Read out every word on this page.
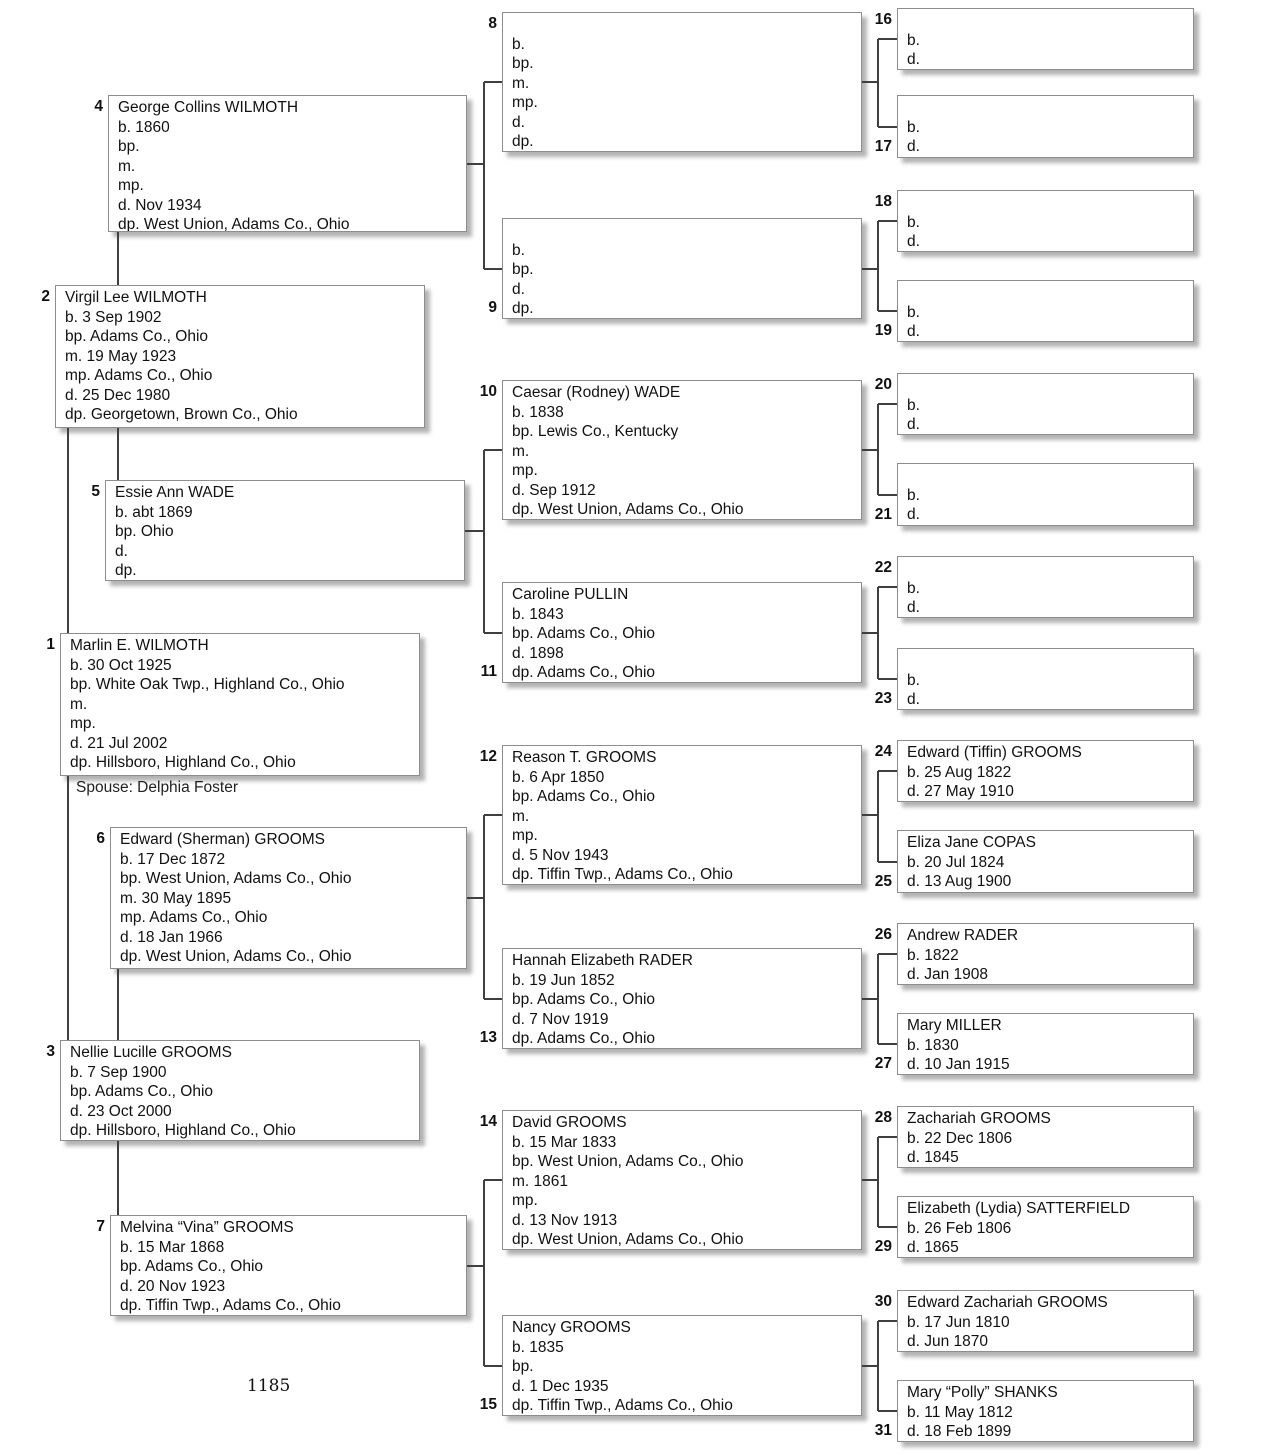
Spouse: Delphia Foster
1185
1 Marlin E. WILMOTH
b. 30 Oct 1925
bp. White Oak Twp., Highland Co., Ohio
m.
mp.
d. 21 Jul 2002
dp. Hillsboro, Highland Co., Ohio
2 Virgil Lee WILMOTH
b. 3 Sep 1902
bp. Adams Co., Ohio
m. 19 May 1923
mp. Adams Co., Ohio
d. 25 Dec 1980
dp. Georgetown, Brown Co., Ohio
3 Nellie Lucille GROOMS
b. 7 Sep 1900
bp. Adams Co., Ohio
d. 23 Oct 2000
dp. Hillsboro, Highland Co., Ohio
4 George Collins WILMOTH
b. 1860
bp.
m.
mp.
d. Nov 1934
dp. West Union, Adams Co., Ohio
5 Essie Ann WADE
b. abt 1869
bp. Ohio
d.
dp.
6 Edward (Sherman) GROOMS
b. 17 Dec 1872
bp. West Union, Adams Co., Ohio
m. 30 May 1895
mp. Adams Co., Ohio
d. 18 Jan 1966
dp. West Union, Adams Co., Ohio
7 Melvina “Vina” GROOMS
b. 15 Mar 1868
bp. Adams Co., Ohio
d. 20 Nov 1923
dp. Tiffin Twp., Adams Co., Ohio
8
b.
bp.
m.
mp.
d.
dp.
9
b.
bp.
d.
dp.
10 Caesar (Rodney) WADE
b. 1838
bp. Lewis Co., Kentucky
m.
mp.
d. Sep 1912
dp. West Union, Adams Co., Ohio
11
Caroline PULLIN
b. 1843
bp. Adams Co., Ohio
d. 1898
dp. Adams Co., Ohio
12 Reason T. GROOMS
b. 6 Apr 1850
bp. Adams Co., Ohio
m.
mp.
d. 5 Nov 1943
dp. Tiffin Twp., Adams Co., Ohio
13
Hannah Elizabeth RADER
b. 19 Jun 1852
bp. Adams Co., Ohio
d. 7 Nov 1919
dp. Adams Co., Ohio
14 David GROOMS
b. 15 Mar 1833
bp. West Union, Adams Co., Ohio
m. 1861
mp.
d. 13 Nov 1913
dp. West Union, Adams Co., Ohio
15
Nancy GROOMS
b. 1835
bp.
d. 1 Dec 1935
dp. Tiffin Twp., Adams Co., Ohio
16
b.
d.
17
b.
d.
18
b.
d.
19
b.
d.
20
b.
d.
21
b.
d.
22
b.
d.
23
b.
d.
24 Edward (Tiffin) GROOMS
b. 25 Aug 1822
d. 27 May 1910
25
Eliza Jane COPAS
b. 20 Jul 1824
d. 13 Aug 1900
26 Andrew RADER
b. 1822
d. Jan 1908
27
Mary MILLER
b. 1830
d. 10 Jan 1915
28 Zachariah GROOMS
b. 22 Dec 1806
d. 1845
29
Elizabeth (Lydia) SATTERFIELD
b. 26 Feb 1806
d. 1865
30 Edward Zachariah GROOMS
b. 17 Jun 1810
d. Jun 1870
31
Mary “Polly” SHANKS
b. 11 May 1812
d. 18 Feb 1899
